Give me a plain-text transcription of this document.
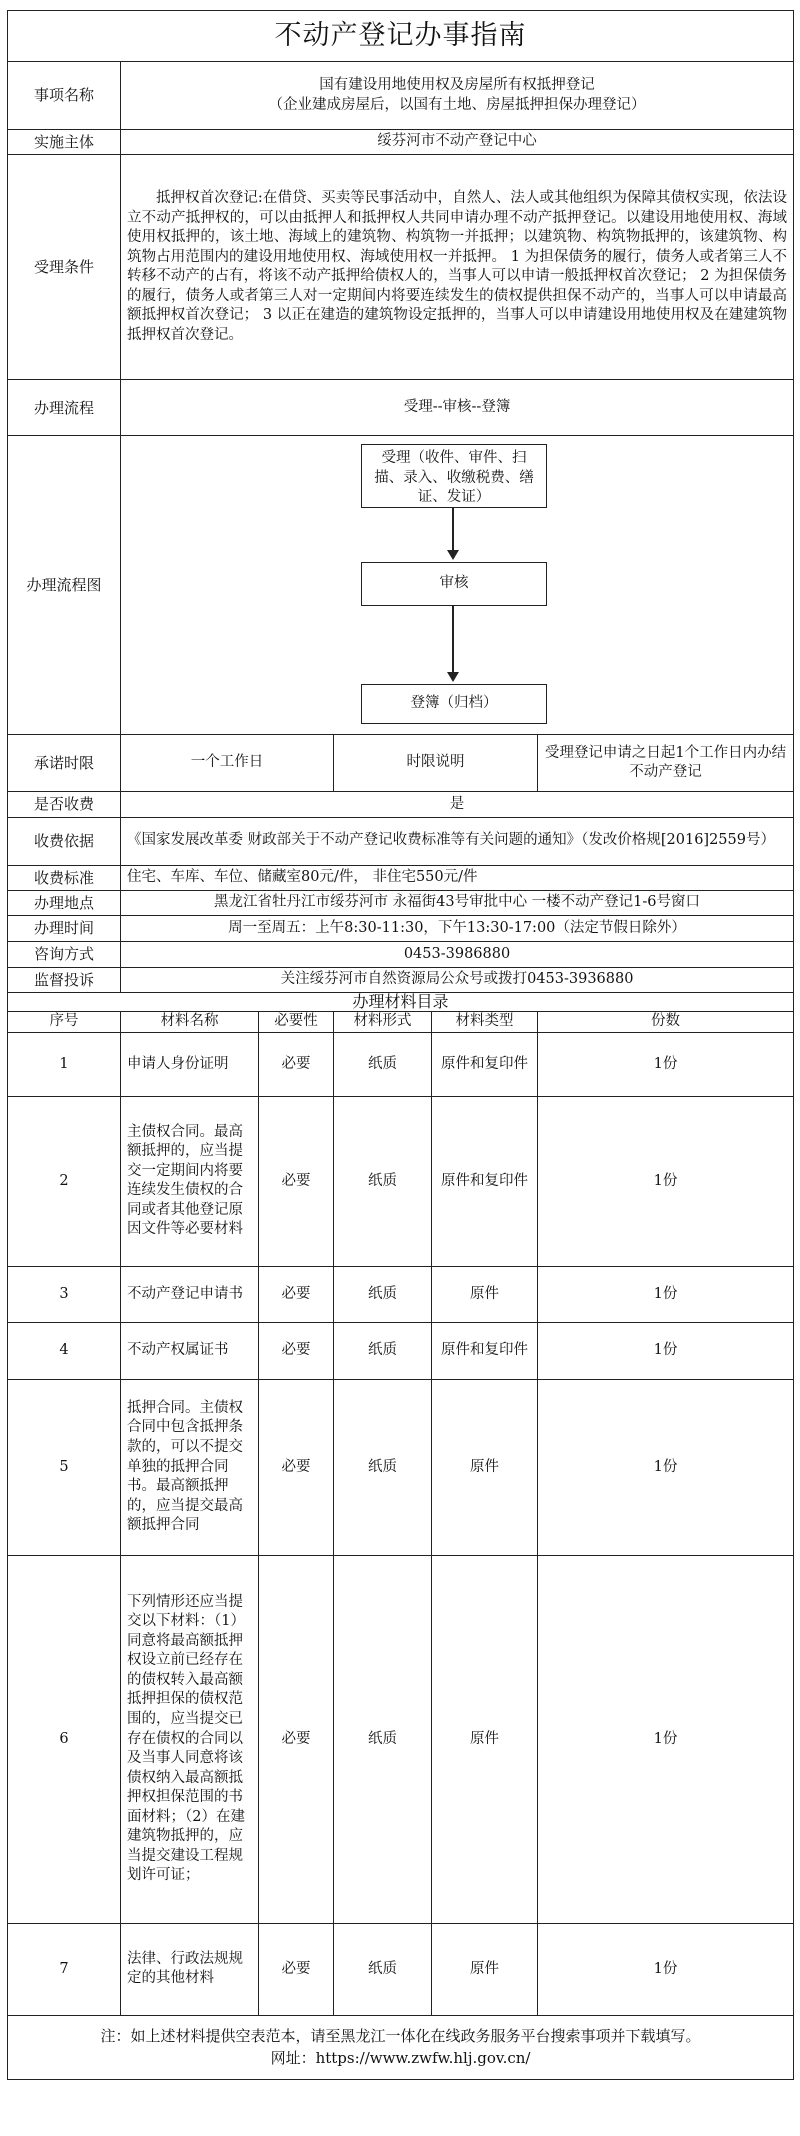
不动产登记办事指南					
事项名称	国有建设用地使用权及房屋所有权抵押登记
（企业建成房屋后，以国有土地、房屋抵押担保办理登记）				

实施主体	绥芬河市不动产登记中心				
受理条件	抵押权首次登记:在借贷、买卖等民事活动中，自然人、法人或其他组织为保障其债权实现，依法设立不动产抵押权的，可以由抵押人和抵押权人共同申请办理不动产抵押登记。以建设用地使用权、海域使用权抵押的，该土地、海域上的建筑物、构筑物一并抵押；以建筑物、构筑物抵押的，该建筑物、构筑物占用范围内的建设用地使用权、海域使用权一并抵押。 1 为担保债务的履行，债务人或者第三人不转移不动产的占有，将该不动产抵押给债权人的，当事人可以申请一般抵押权首次登记； 2 为担保债务的履行，债务人或者第三人对一定期间内将要连续发生的债权提供担保不动产的，当事人可以申请最高额抵押权首次登记； 3 以正在建造的建筑物设定抵押的，当事人可以申请建设用地使用权及在建建筑物抵押权首次登记。				
办理流程	受理--审核--登簿				
办理流程图	受理（收件、审件、扫描、录入、收缴税费、缮证、发证）
审核
登簿（归档）				

承诺时限	一个工作日		时限说明		受理登记申请之日起1个工作日内办结不动产登记
是否收费	是				
收费依据	《国家发展改革委 财政部关于不动产登记收费标准等有关问题的通知》（发改价格规[2016]2559号）				
收费标准	住宅、车库、车位、储藏室80元/件， 非住宅550元/件				
办理地点	黑龙江省牡丹江市绥芬河市 永福街43号审批中心 一楼不动产登记1-6号窗口				
办理时间	周一至周五：上午8:30-11:30，下午13:30-17:00（法定节假日除外）				
咨询方式	0453-3986880				
监督投诉	关注绥芬河市自然资源局公众号或拨打0453-3936880				
办理材料目录					
序号	材料名称	必要性	材料形式	材料类型	份数
1	申请人身份证明	必要	纸质	原件和复印件	1份
2	主债权合同。最高额抵押的，应当提交一定期间内将要连续发生债权的合同或者其他登记原因文件等必要材料	必要	纸质	原件和复印件	1份
3	不动产登记申请书	必要	纸质	原件	1份
4	不动产权属证书	必要	纸质	原件和复印件	1份
5	抵押合同。主债权合同中包含抵押条款的，可以不提交单独的抵押合同书。最高额抵押的，应当提交最高额抵押合同	必要	纸质	原件	1份
6	下列情形还应当提交以下材料：（1）同意将最高额抵押权设立前已经存在的债权转入最高额抵押担保的债权范围的，应当提交已存在债权的合同以及当事人同意将该债权纳入最高额抵押权担保范围的书面材料；（2）在建建筑物抵押的，应当提交建设工程规划许可证；	必要	纸质	原件	1份
7	法律、行政法规规定的其他材料	必要	纸质	原件	1份

注：如上述材料提供空表范本，请至黑龙江一体化在线政务服务平台搜索事项并下载填写。
网址：https://www.zwfw.hlj.gov.cn/					
